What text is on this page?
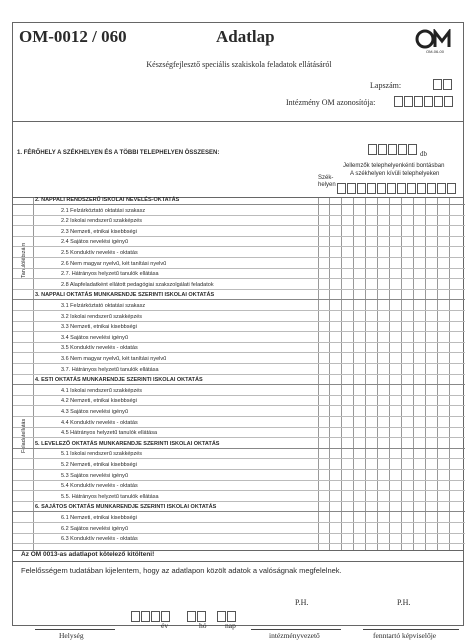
OM-0012 / 060	Adatlap
OM-06-00
Készségfejlesztő speciális szakiskola feladatok ellátásáról
Lapszám:
Intézmény OM azonosítója:
1. FÉRŐHELY A SZÉKHELYEN ÉS A TÖBBI TELEPHELYEN ÖSSZESEN:	db
Jellemzők telephelyenkénti bontásban
Szék-helyen
A székhelyen kívüli telephelyeken
Tanulólétszám
Feladatellátás
2. NAPPALI RENDSZERŰ ISKOLAI NEVELÉS-OKTATÁS
2.1 Felzárkóztató oktatási szakasz
2.2 Iskolai rendszerű szakképzés
2.3 Nemzeti, etnikai kisebbségi
2.4 Sajátos nevelési igényű
2.5 Konduktív nevelés - oktatás
2.6 Nem magyar nyelvű, két tanítási nyelvű
2.7. Hátrányos helyzetű tanulók ellátása
2.8 Alapfeladatként ellátott pedagógiai szakszolgálati feladatok
3. NAPPALI OKTATÁS MUNKARENDJE SZERINTI ISKOLAI OKTATÁS
3.1 Felzárkóztató oktatási szakasz
3.2 Iskolai rendszerű szakképzés
3.3 Nemzeti, etnikai kisebbségi
3.4 Sajátos nevelési igényű
3.5 Konduktív nevelés - oktatás
3.6 Nem magyar nyelvű, két tanítási nyelvű
3.7. Hátrányos helyzetű tanulók ellátása
4. ESTI OKTATÁS MUNKARENDJE SZERINTI ISKOLAI OKTATÁS
4.1 Iskolai rendszerű szakképzés
4.2 Nemzeti, etnikai kisebbségi
4.3 Sajátos nevelési igényű
4.4 Konduktív nevelés - oktatás
4.5 Hátrányos helyzetű tanulók ellátása
5. LEVELEZŐ OKTATÁS MUNKARENDJE SZERINTI ISKOLAI OKTATÁS
5.1 Iskolai rendszerű szakképzés
5.2 Nemzeti, etnikai kisebbségi
5.3 Sajátos nevelési igényű
5.4 Konduktív nevelés - oktatás
5.5. Hátrányos helyzetű tanulók ellátása
6. SAJÁTOS OKTATÁS MUNKARENDJE SZERINTI ISKOLAI OKTATÁS
6.1 Nemzeti, etnikai kisebbségi
6.2 Sajátos nevelési igényű
6.3 Konduktív nevelés - oktatás
Az OM 0013-as adatlapot kötelező kitölteni!
Felelősségem tudatában kijelentem, hogy az adatlapon közölt adatok a valóságnak megfelelnek.
P.H.	P.H.
Helység
év	hó nap
intézményvezető	fenntartó képviselője
